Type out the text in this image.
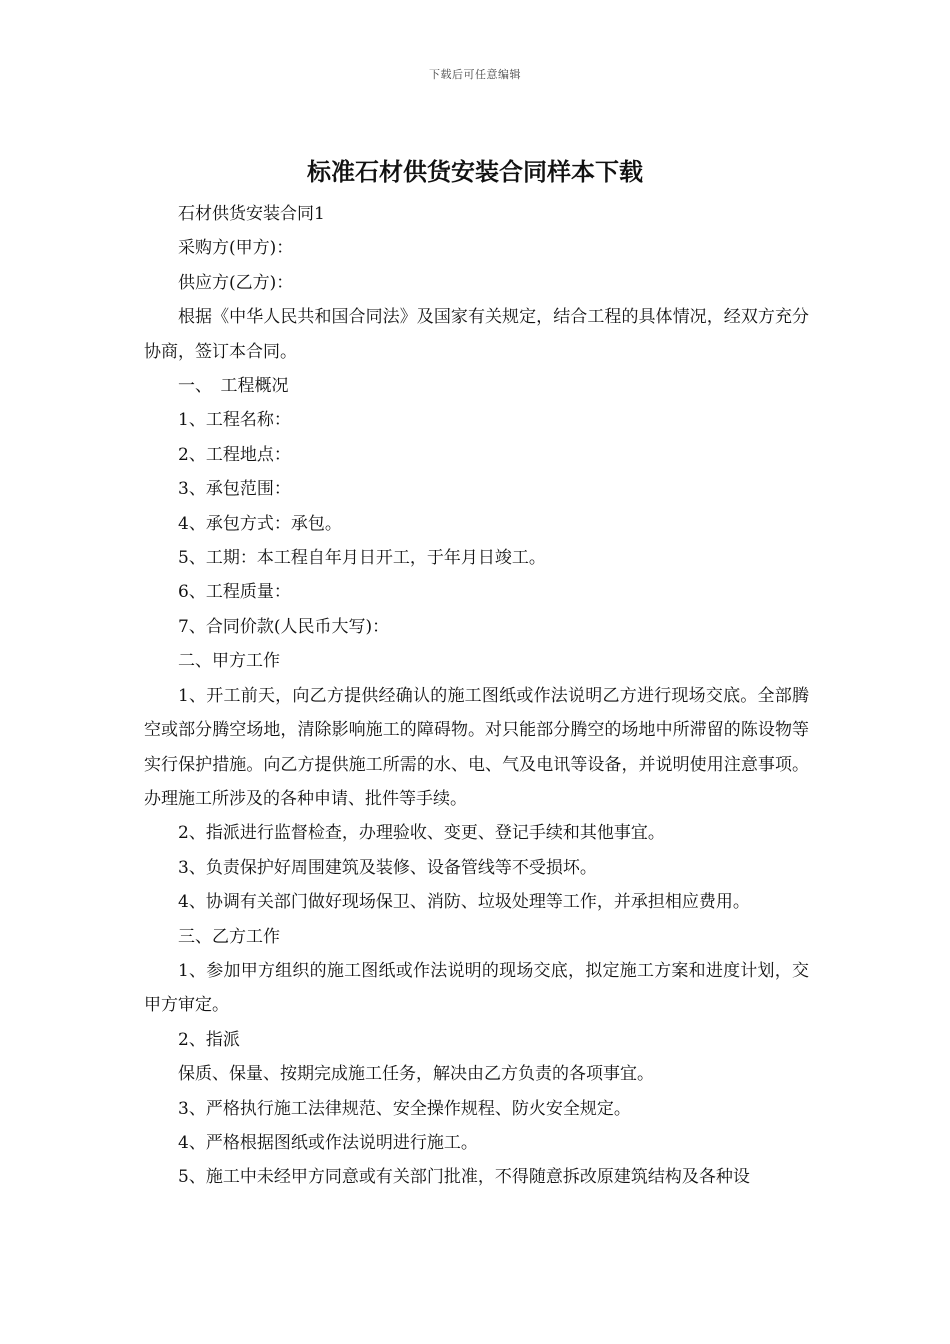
下载后可任意编辑
标准石材供货安装合同样本下载

石材供货安装合同1

采购方(甲方)：

供应方(乙方)：

根据《中华人民共和国合同法》及国家有关规定，结合工程的具体情况，经双方充分协商，签订本合同。

一、　工程概况

1、工程名称：

2、工程地点：

3、承包范围：

4、承包方式：承包。

5、工期：本工程自年月日开工，于年月日竣工。

6、工程质量：

7、合同价款(人民币大写)：

二、甲方工作

1、开工前天，向乙方提供经确认的施工图纸或作法说明乙方进行现场交底。全部腾空或部分腾空场地，清除影响施工的障碍物。对只能部分腾空的场地中所滞留的陈设物等实行保护措施。向乙方提供施工所需的水、电、气及电讯等设备，并说明使用注意事项。办理施工所涉及的各种申请、批件等手续。

2、指派进行监督检查，办理验收、变更、登记手续和其他事宜。

3、负责保护好周围建筑及装修、设备管线等不受损坏。

4、协调有关部门做好现场保卫、消防、垃圾处理等工作，并承担相应费用。

三、乙方工作

1、参加甲方组织的施工图纸或作法说明的现场交底，拟定施工方案和进度计划，交甲方审定。

2、指派

保质、保量、按期完成施工任务，解决由乙方负责的各项事宜。

3、严格执行施工法律规范、安全操作规程、防火安全规定。

4、严格根据图纸或作法说明进行施工。

5、施工中未经甲方同意或有关部门批准，不得随意拆改原建筑结构及各种设
